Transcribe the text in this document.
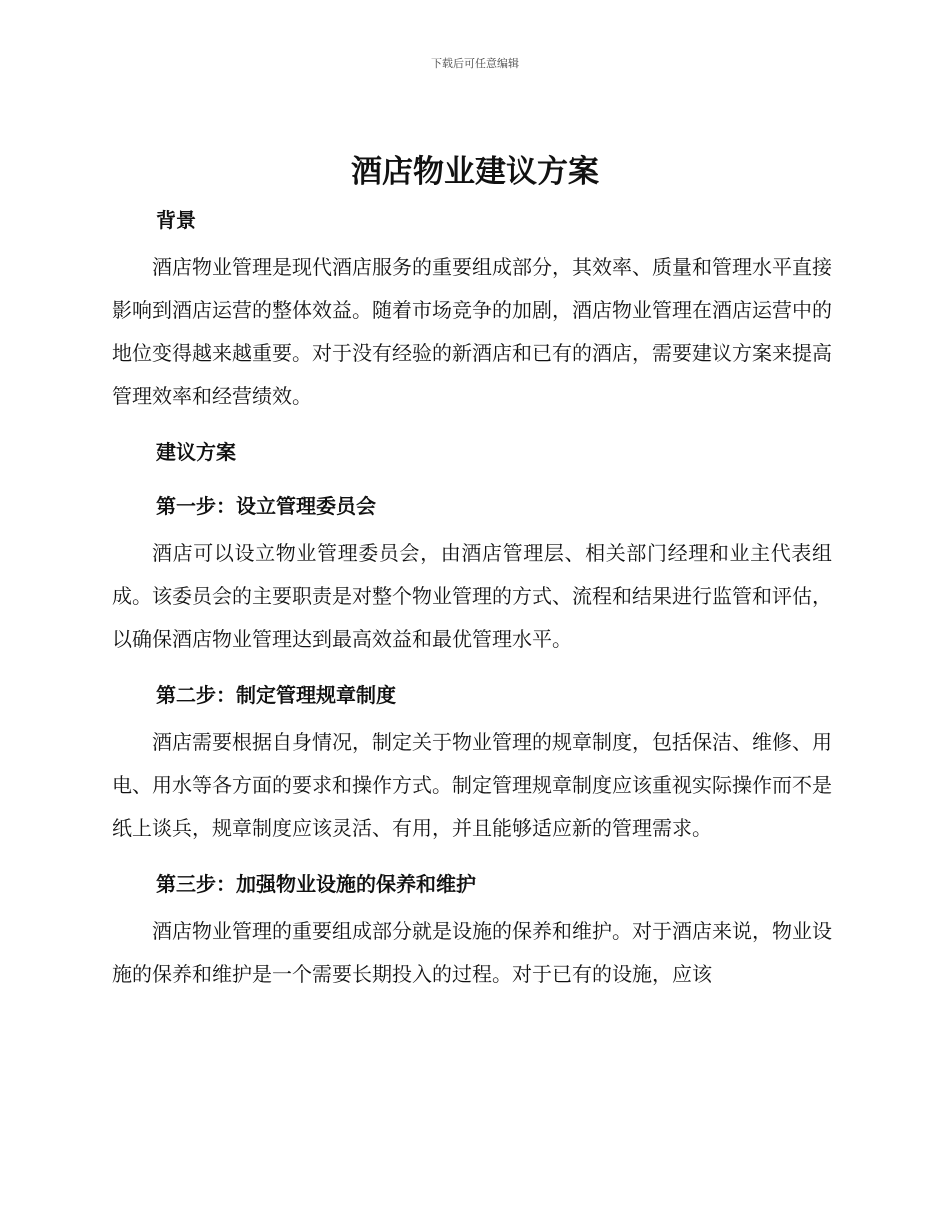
下载后可任意编辑
酒店物业建议方案

背景

酒店物业管理是现代酒店服务的重要组成部分，其效率、质量和管理水平直接影响到酒店运营的整体效益。随着市场竞争的加剧，酒店物业管理在酒店运营中的地位变得越来越重要。对于没有经验的新酒店和已有的酒店，需要建议方案来提高管理效率和经营绩效。

建议方案

第一步：设立管理委员会

酒店可以设立物业管理委员会，由酒店管理层、相关部门经理和业主代表组成。该委员会的主要职责是对整个物业管理的方式、流程和结果进行监管和评估，以确保酒店物业管理达到最高效益和最优管理水平。

第二步：制定管理规章制度

酒店需要根据自身情况，制定关于物业管理的规章制度，包括保洁、维修、用电、用水等各方面的要求和操作方式。制定管理规章制度应该重视实际操作而不是纸上谈兵，规章制度应该灵活、有用，并且能够适应新的管理需求。

第三步：加强物业设施的保养和维护

酒店物业管理的重要组成部分就是设施的保养和维护。对于酒店来说，物业设施的保养和维护是一个需要长期投入的过程。对于已有的设施，应该
